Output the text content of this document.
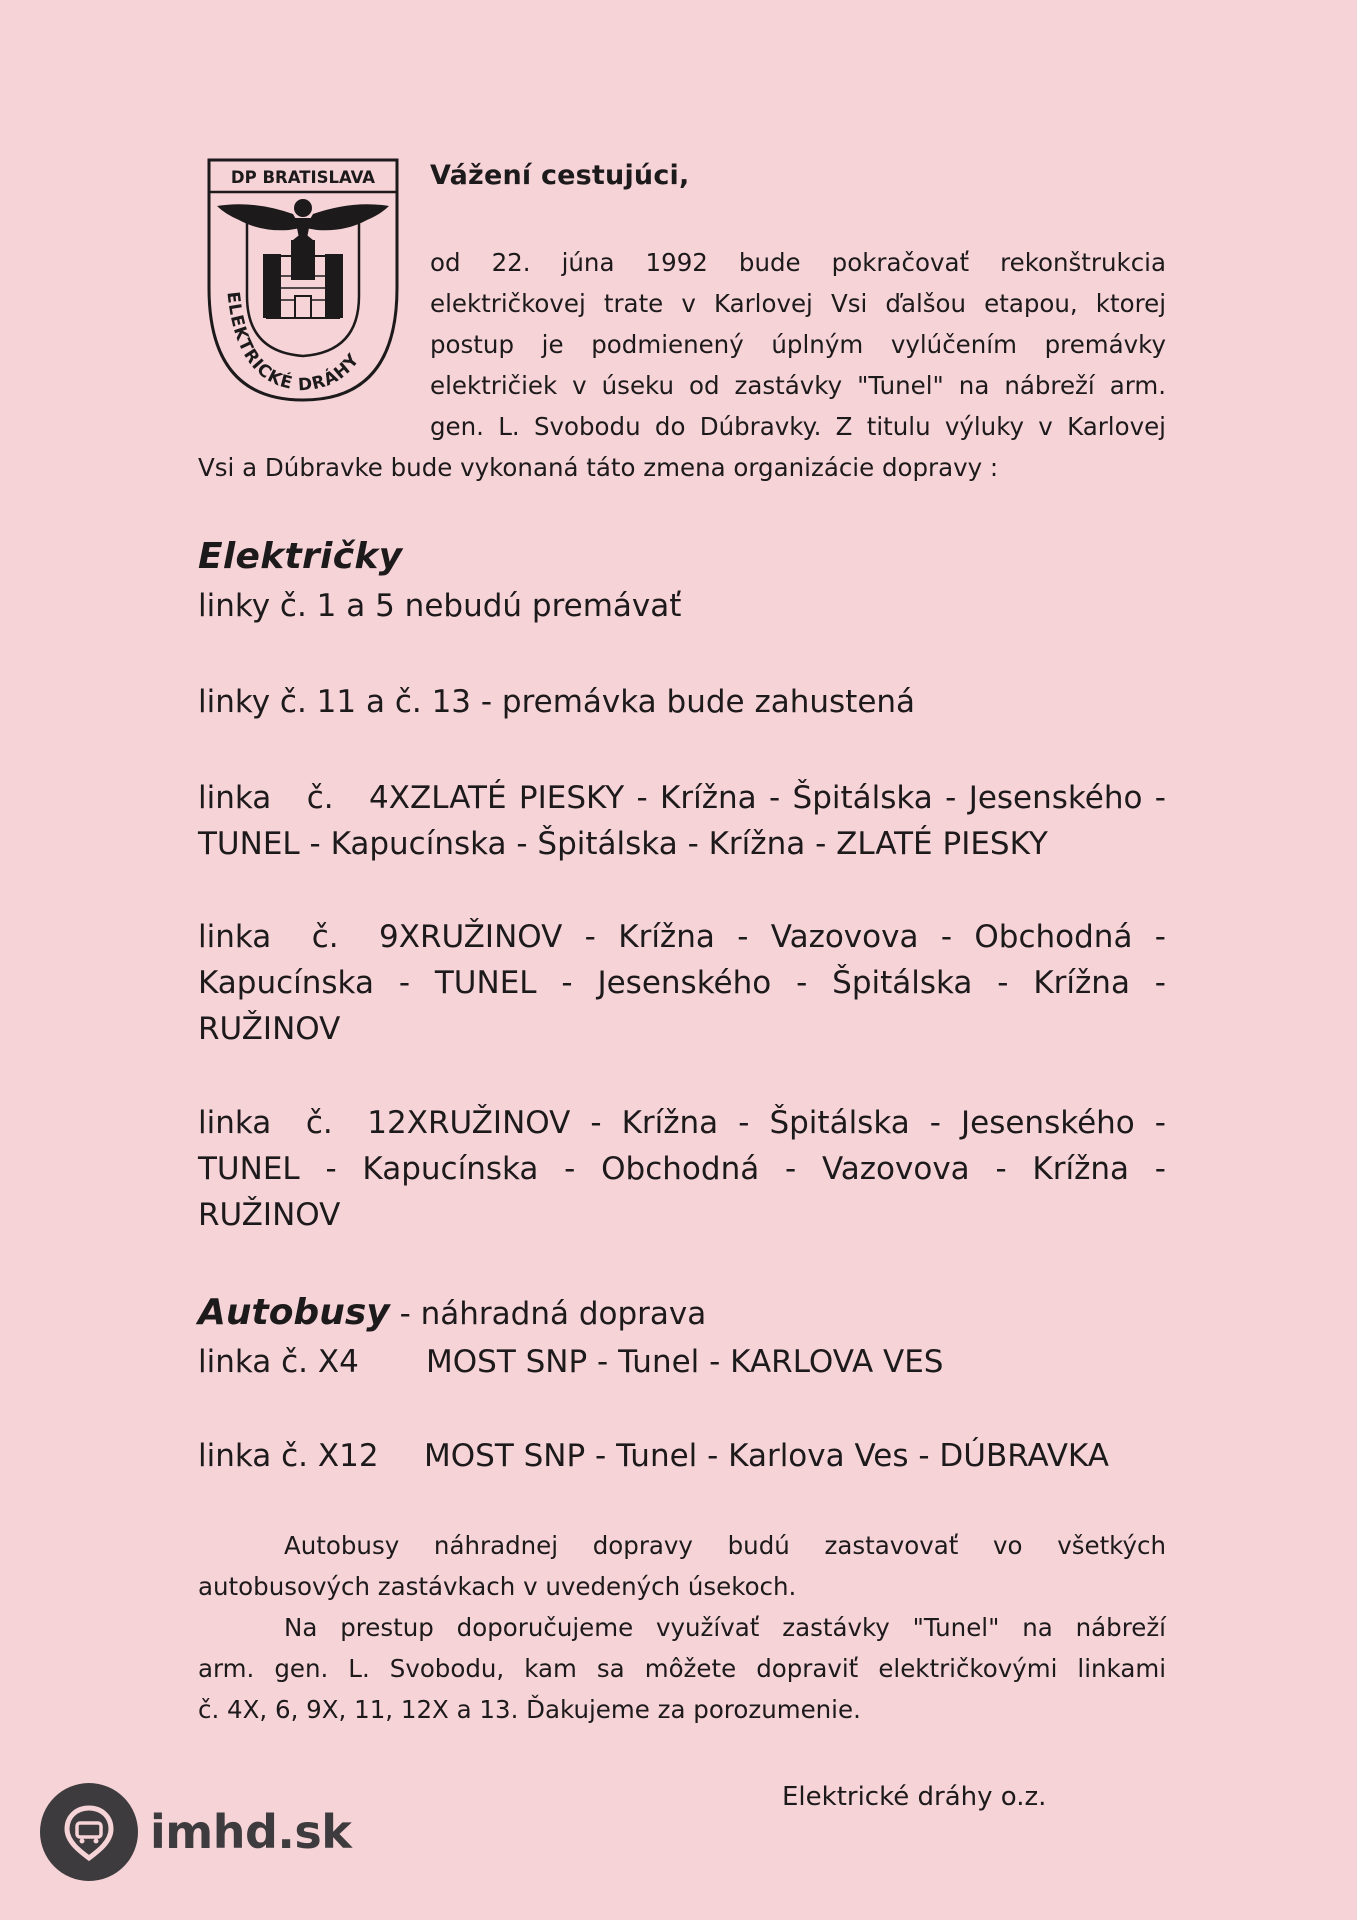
DP BRATISLAVA
ELEKTRICKÉ DRÁHY
Vážení cestujúci,
od 22. júna 1992 bude pokračovať rekonštrukcia
električkovej trate v Karlovej Vsi ďalšou etapou, ktorej
postup je podmienený úplným vylúčením premávky
električiek v úseku od zastávky "Tunel" na nábreží arm.
gen. L. Svobodu do Dúbravky. Z titulu výluky v Karlovej
Vsi a Dúbravke bude vykonaná táto zmena organizácie dopravy :
Električky
linky č. 1 a 5 nebudú premávať
linky č. 11 a č. 13 - premávka bude zahustená
linka č. 4XZLATÉ PIESKY - Krížna - Špitálska - Jesenského -
TUNEL - Kapucínska - Špitálska - Krížna - ZLATÉ PIESKY
linka č. 9XRUŽINOV - Krížna - Vazovova - Obchodná -
Kapucínska - TUNEL - Jesenského - Špitálska - Krížna -
RUŽINOV
linka č. 12XRUŽINOV - Krížna - Špitálska - Jesenského -
TUNEL - Kapucínska - Obchodná - Vazovova - Krížna -
RUŽINOV
Autobusy - náhradná doprava
linka č. X4 MOST SNP - Tunel - KARLOVA VES
linka č. X12 MOST SNP - Tunel - Karlova Ves - DÚBRAVKA
Autobusy náhradnej dopravy budú zastavovať vo všetkých
autobusových zastávkach v uvedených úsekoch.
Na prestup doporučujeme využívať zastávky "Tunel" na nábreží
arm. gen. L. Svobodu, kam sa môžete dopraviť električkovými linkami
č. 4X, 6, 9X, 11, 12X a 13. Ďakujeme za porozumenie.
Elektrické dráhy o.z.
imhd.sk
